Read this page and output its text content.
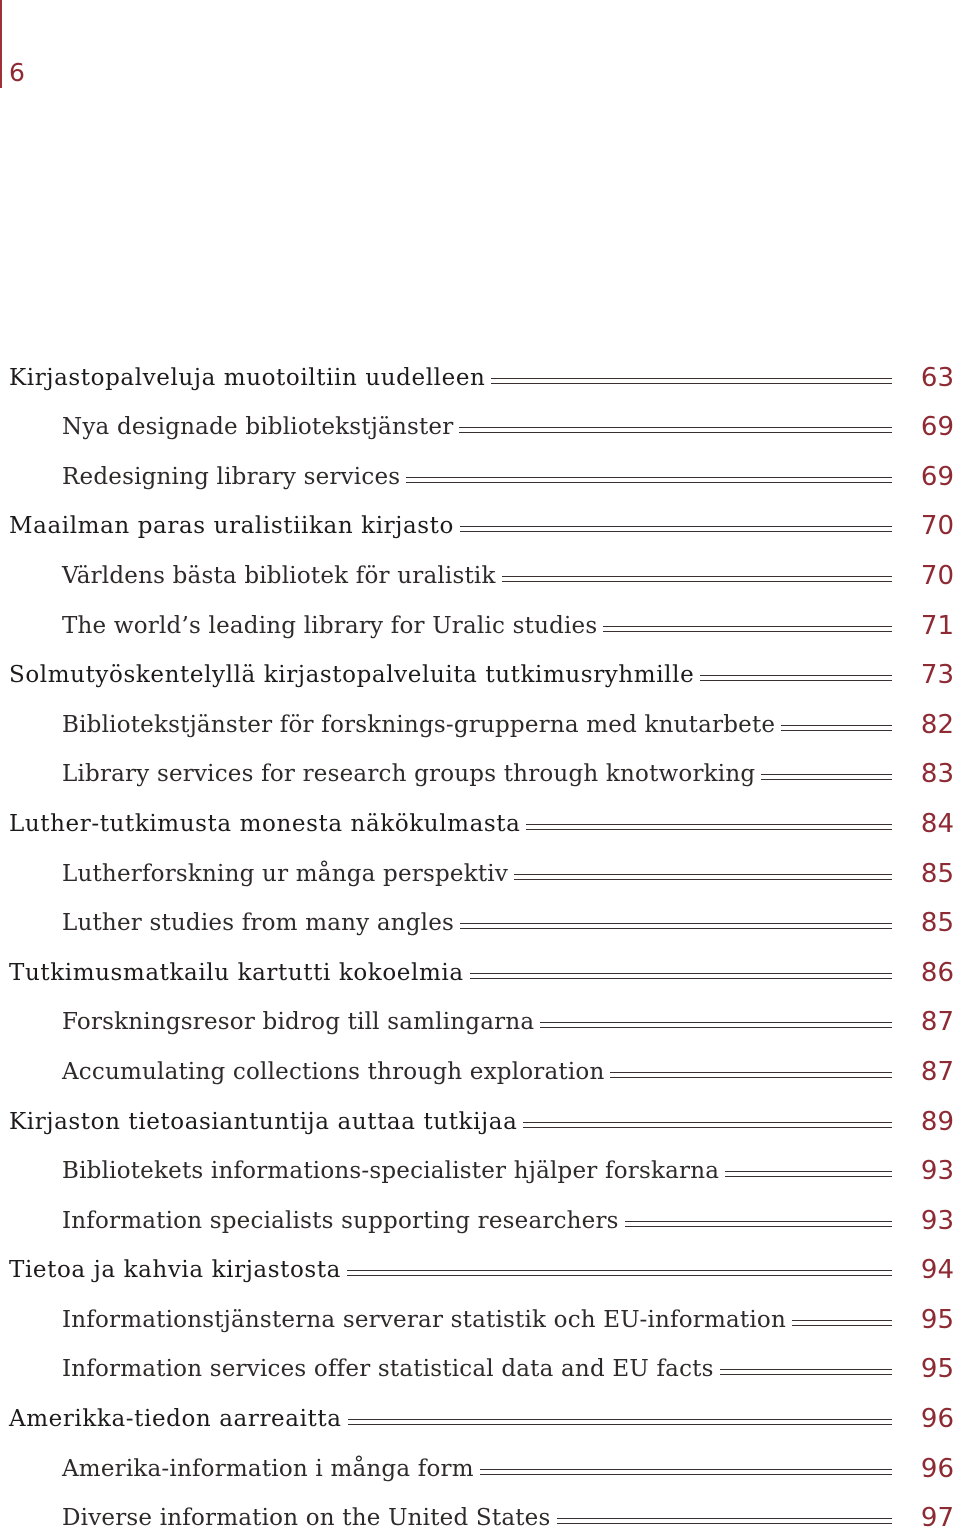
6
Kirjastopalveluja muotoiltiin uudelleen	63
Nya designade bibliotekstjänster	69
Redesigning library services	69
Maailman paras uralistiikan kirjasto	70
Världens bästa bibliotek för uralistik	70
The world’s leading library for Uralic studies	71
Solmutyöskentelyllä kirjastopalveluita tutkimusryhmille	73
Bibliotekstjänster för forsknings-grupperna med knutarbete	82
Library services for research groups through knotworking	83
Luther-tutkimusta monesta näkökulmasta	84
Lutherforskning ur många perspektiv	85
Luther studies from many angles	85
Tutkimusmatkailu kartutti kokoelmia	86
Forskningsresor bidrog till samlingarna	87
Accumulating collections through exploration	87
Kirjaston tietoasiantuntija auttaa tutkijaa	89
Bibliotekets informations-specialister hjälper forskarna	93
Information specialists supporting researchers	93
Tietoa ja kahvia kirjastosta	94
Informationstjänsterna serverar statistik och EU-information	95
Information services offer statistical data and EU facts	95
Amerikka-tiedon aarreaitta	96
Amerika-information i många form	96
Diverse information on the United States	97
